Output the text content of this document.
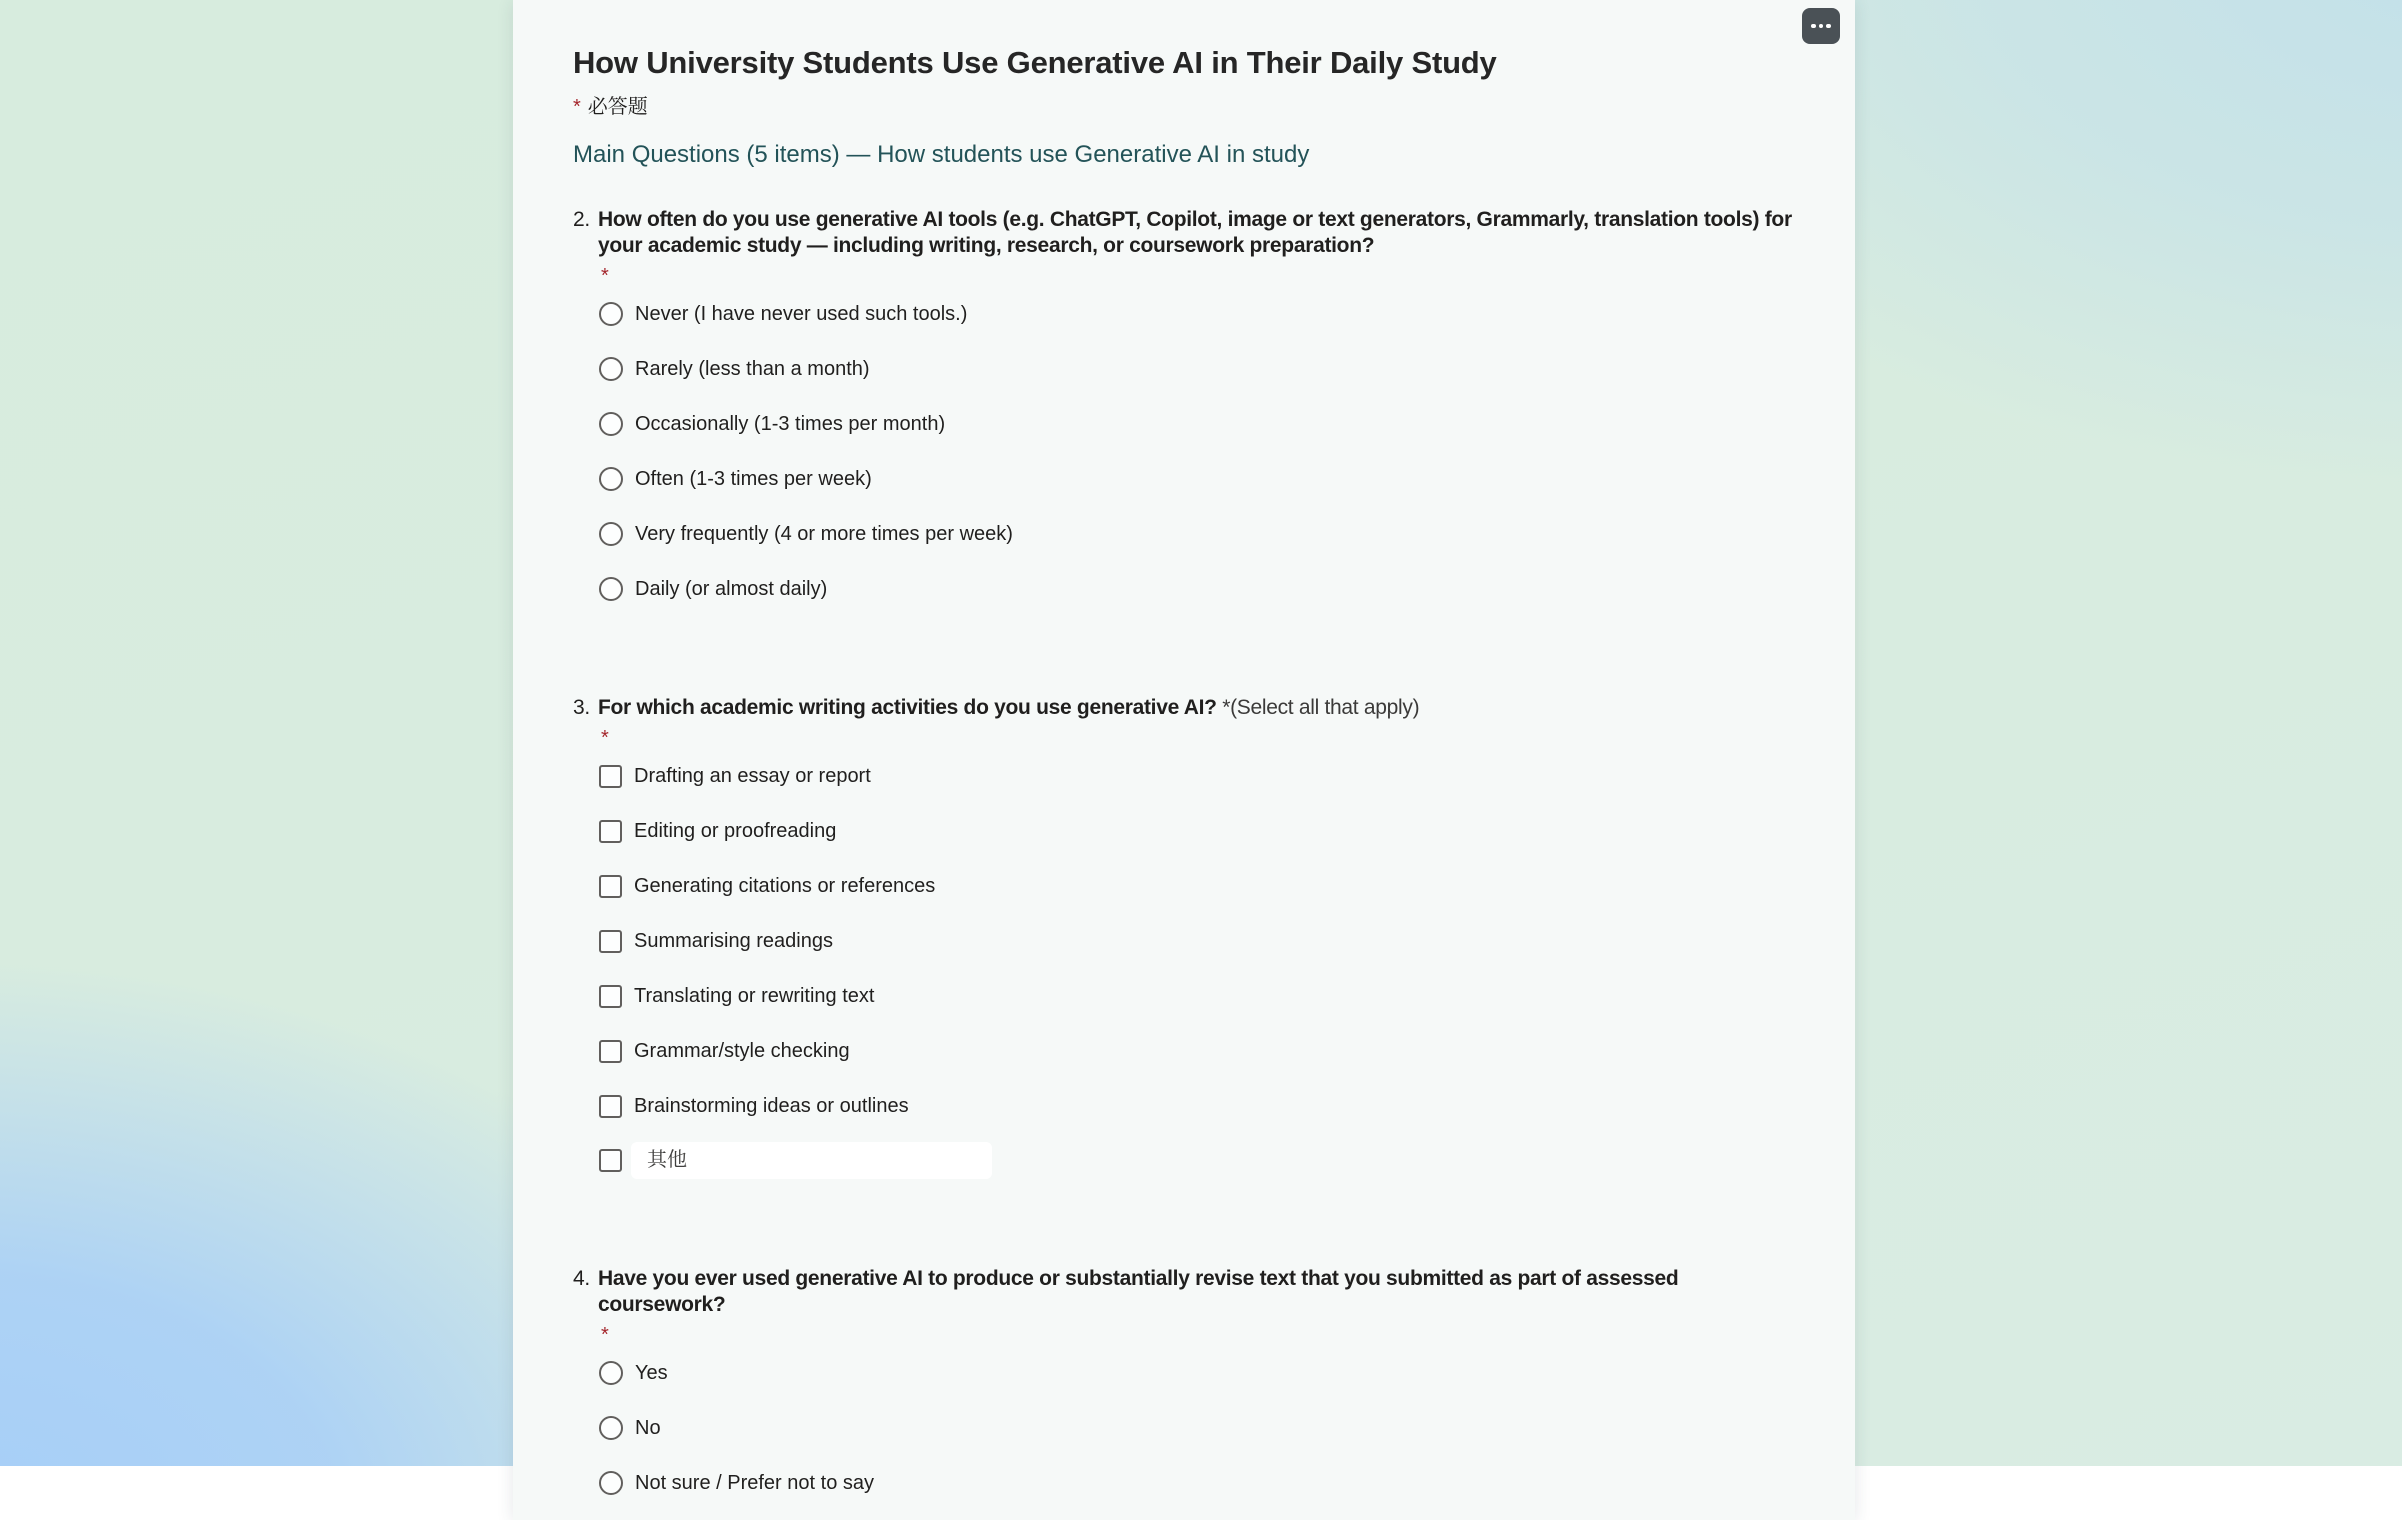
How University Students Use Generative AI in Their Daily Study
* 必答题
Main Questions (5 items) — How students use Generative AI in study
2. How often do you use generative AI tools (e.g. ChatGPT, Copilot, image or text generators, Grammarly, translation tools) for your academic study — including writing, research, or coursework preparation?
*
Never (I have never used such tools.)
Rarely (less than a month)
Occasionally (1-3 times per month)
Often (1-3 times per week)
Very frequently (4 or more times per week)
Daily (or almost daily)
3. For which academic writing activities do you use generative AI? *(Select all that apply)
*
Drafting an essay or report
Editing or proofreading
Generating citations or references
Summarising readings
Translating or rewriting text
Grammar/style checking
Brainstorming ideas or outlines
其他
4. Have you ever used generative AI to produce or substantially revise text that you submitted as part of assessed coursework?
*
Yes
No
Not sure / Prefer not to say
